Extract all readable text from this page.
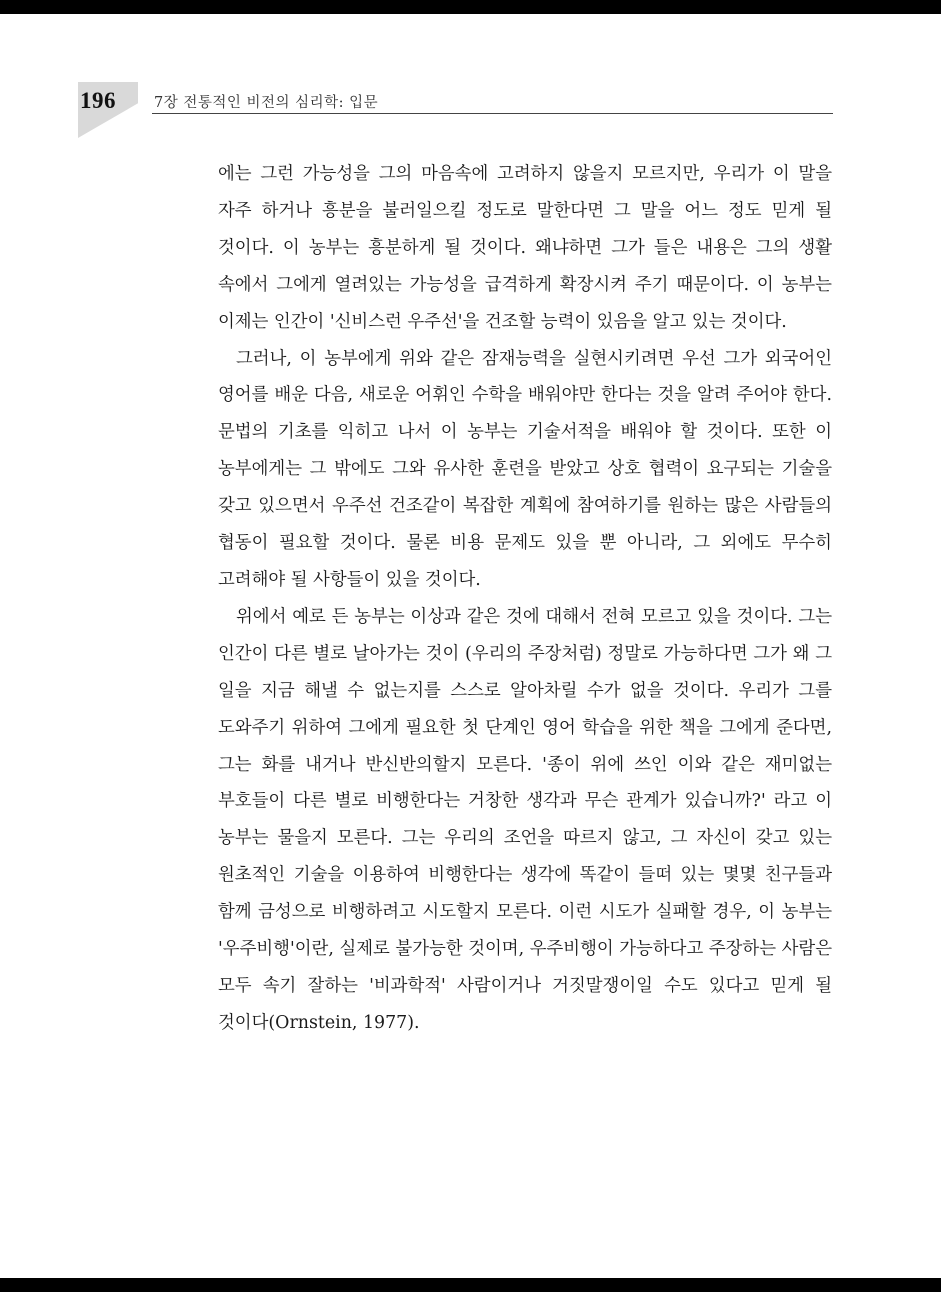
196	7장 전통적인 비전의 심리학: 입문

에는 그런 가능성을 그의 마음속에 고려하지 않을지 모르지만, 우리가 이 말을 자주 하거나 흥분을 불러일으킬 정도로 말한다면 그 말을 어느 정도 믿게 될 것이다. 이 농부는 흥분하게 될 것이다. 왜냐하면 그가 들은 내용은 그의 생활 속에서 그에게 열려있는 가능성을 급격하게 확장시켜 주기 때문이다. 이 농부는 이제는 인간이 '신비스런 우주선'을 건조할 능력이 있음을 알고 있는 것이다.

그러나, 이 농부에게 위와 같은 잠재능력을 실현시키려면 우선 그가 외국어인 영어를 배운 다음, 새로운 어휘인 수학을 배워야만 한다는 것을 알려 주어야 한다. 문법의 기초를 익히고 나서 이 농부는 기술서적을 배워야 할 것이다. 또한 이 농부에게는 그 밖에도 그와 유사한 훈련을 받았고 상호 협력이 요구되는 기술을 갖고 있으면서 우주선 건조같이 복잡한 계획에 참여하기를 원하는 많은 사람들의 협동이 필요할 것이다. 물론 비용 문제도 있을 뿐 아니라, 그 외에도 무수히 고려해야 될 사항들이 있을 것이다.

위에서 예로 든 농부는 이상과 같은 것에 대해서 전혀 모르고 있을 것이다. 그는 인간이 다른 별로 날아가는 것이 (우리의 주장처럼) 정말로 가능하다면 그가 왜 그 일을 지금 해낼 수 없는지를 스스로 알아차릴 수가 없을 것이다. 우리가 그를 도와주기 위하여 그에게 필요한 첫 단계인 영어 학습을 위한 책을 그에게 준다면, 그는 화를 내거나 반신반의할지 모른다. '종이 위에 쓰인 이와 같은 재미없는 부호들이 다른 별로 비행한다는 거창한 생각과 무슨 관계가 있습니까?' 라고 이 농부는 물을지 모른다. 그는 우리의 조언을 따르지 않고, 그 자신이 갖고 있는 원초적인 기술을 이용하여 비행한다는 생각에 똑같이 들떠 있는 몇몇 친구들과 함께 금성으로 비행하려고 시도할지 모른다. 이런 시도가 실패할 경우, 이 농부는 '우주비행'이란, 실제로 불가능한 것이며, 우주비행이 가능하다고 주장하는 사람은 모두 속기 잘하는 '비과학적' 사람이거나 거짓말쟁이일 수도 있다고 믿게 될 것이다(Ornstein, 1977).
